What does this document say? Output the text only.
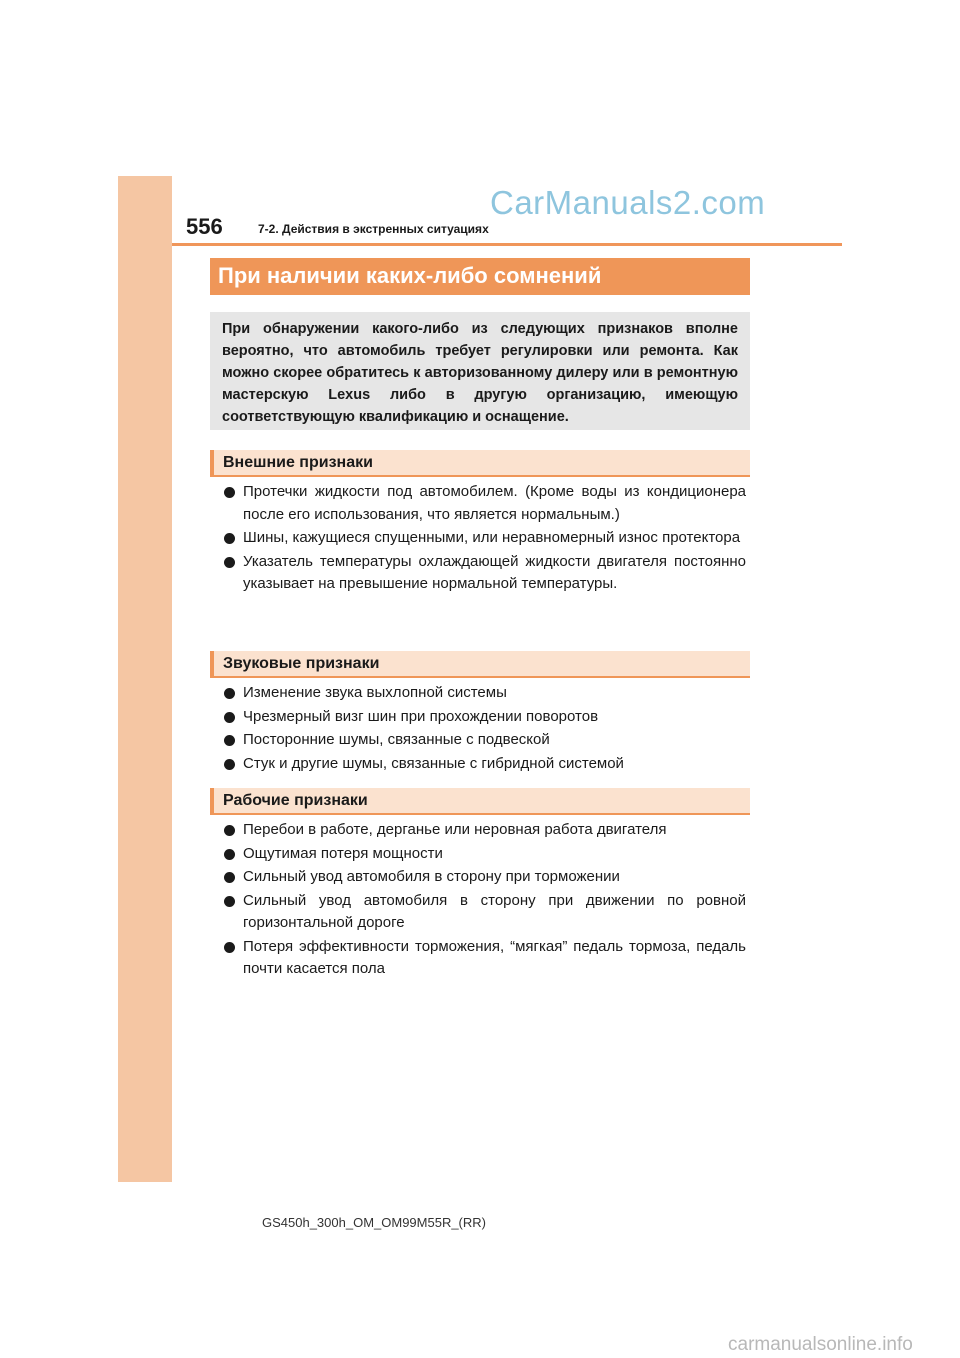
556	7-2. Действия в экстренных ситуациях
CarManuals2.com
При наличии каких-либо сомнений
При обнаружении какого-либо из следующих признаков вполне вероятно, что автомобиль требует регулировки или ремонта. Как можно скорее обратитесь к авторизованному дилеру или в ремонтную мастерскую Lexus либо в другую организацию, имеющую соответствующую квалификацию и оснащение.
Внешние признаки
Протечки жидкости под автомобилем. (Кроме воды из кондиционера после его использования, что является нормальным.)
Шины, кажущиеся спущенными, или неравномерный износ протектора
Указатель температуры охлаждающей жидкости двигателя постоянно указывает на превышение нормальной температуры.
Звуковые признаки
Изменение звука выхлопной системы
Чрезмерный визг шин при прохождении поворотов
Посторонние шумы, связанные с подвеской
Стук и другие шумы, связанные с гибридной системой
Рабочие признаки
Перебои в работе, дерганье или неровная работа двигателя
Ощутимая потеря мощности
Сильный увод автомобиля в сторону при торможении
Сильный увод автомобиля в сторону при движении по ровной горизонтальной дороге
Потеря эффективности торможения, “мягкая” педаль тормоза, педаль почти касается пола
GS450h_300h_OM_OM99M55R_(RR)
carmanualsonline.info
